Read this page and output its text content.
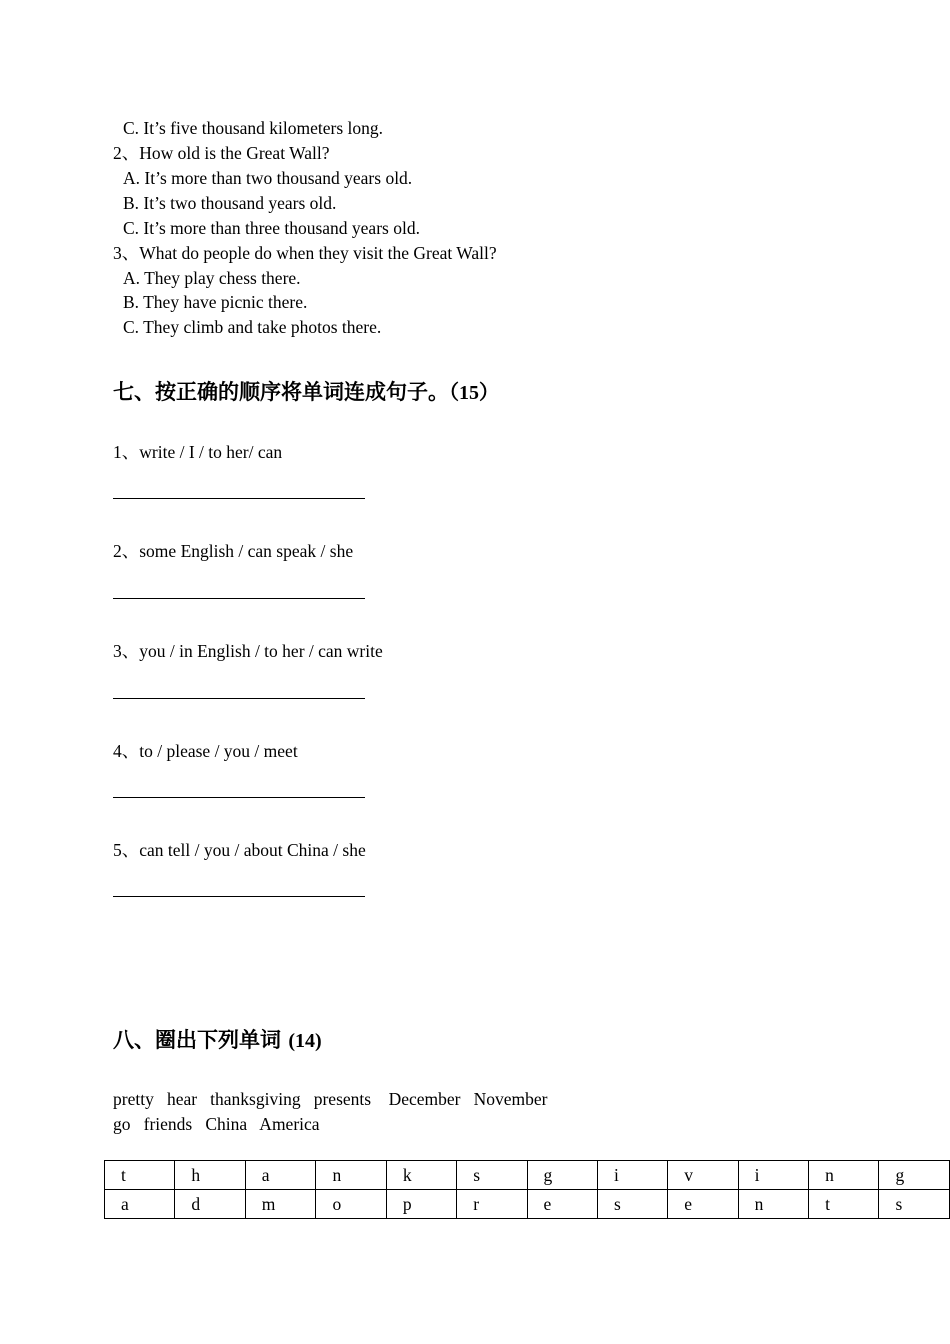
C. It’s five thousand kilometers long.
2、How old is the Great Wall?
A. It’s more than two thousand years old.
B. It’s two thousand years old.
C. It’s more than three thousand years old.
3、What do people do when they visit the Great Wall?
A. They play chess there.
B. They have picnic there.
C. They climb and take photos there.
七、按正确的顺序将单词连成句子。（15）
1、write / I / to her/ can
2、some English / can speak / she
3、you / in English / to her / can write
4、to / please / you / meet
5、can tell / you / about China / she
八、圈出下列单词 (14)
pretty   hear   thanksgiving   presents    December   November
go   friends   China   America
t	h	a	n	k	s	g	i	v	i	n	g
a	d	m	o	p	r	e	s	e	n	t	s
